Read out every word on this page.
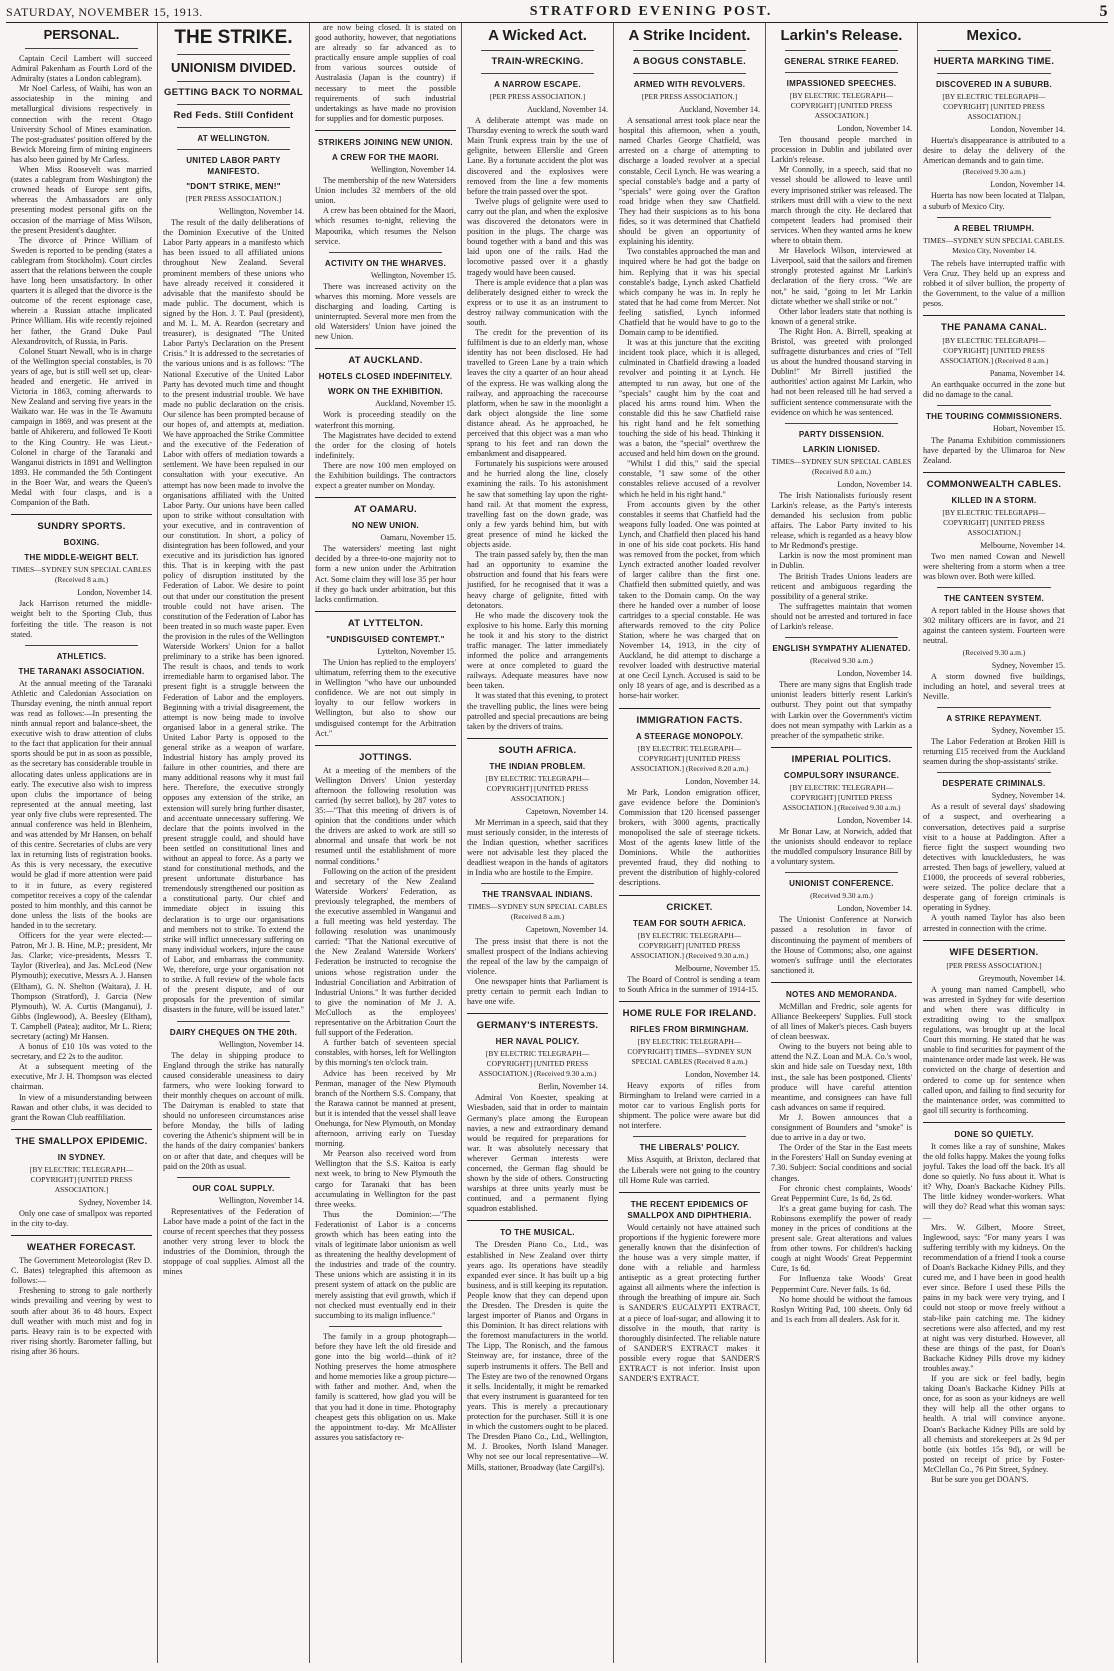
SATURDAY, NOVEMBER 15, 1913.	STRATFORD EVENING POST.	5
PERSONAL.

Captain Cecil Lambert will succeed Admiral Pakenham as Fourth Lord of the Admiralty (states a London cablegram).

Mr Noel Carless, of Waihi, has won an associateship in the mining and metallurgical divisions respectively in connection with the recent Otago University School of Mines examination. The post-graduates' position offered by the Bewick Moreing firm of mining engineers has also been gained by Mr Carless.

When Miss Roosevelt was married (states a cablegram from Washington) the crowned heads of Europe sent gifts, whereas the Ambassadors are only presenting modest personal gifts on the occasion of the marriage of Miss Wilson, the present President's daughter.

The divorce of Prince William of Sweden is reported to be pending (states a cablegram from Stockholm). Court circles assert that the relations between the couple have long been unsatisfactory. In other quarters it is alleged that the divorce is the outcome of the recent espionage case, wherein a Russian attache implicated Prince William. His wife recently rejoined her father, the Grand Duke Paul Alexandrovitch, of Russia, in Paris.

Colonel Stuart Newall, who is in charge of the Wellington special constables, is 70 years of age, but is still well set up, clear-headed and energetic. He arrived in Victoria in 1863, coming afterwards to New Zealand and serving five years in the Waikato war. He was in the Te Awamutu campaign in 1869, and was present at the battle of Ahikereru, and followed Te Kooti to the King Country. He was Lieut.-Colonel in charge of the Taranaki and Wanganui districts in 1891 and Wellington 1893. He commanded the 5th Contingent in the Boer War, and wears the Queen's Medal with four clasps, and is a Companion of the Bath.

SUNDRY SPORTS.
BOXING.
THE MIDDLE-WEIGHT BELT.
TIMES—SYDNEY SUN SPECIAL CABLES (Received 8 a.m.)
London, November 14.

Jack Harrison returned the middle-weight belt to the Sporting Club, thus forfeiting the title. The reason is not stated.

ATHLETICS.
THE TARANAKI ASSOCIATION.

At the annual meeting of the Taranaki Athletic and Caledonian Association on Thursday evening, the ninth annual report was read as follows:—In presenting the ninth annual report and balance-sheet, the executive wish to draw attention of clubs to the fact that application for their annual sports should be put in as soon as possible, as the secretary has considerable trouble in allocating dates unless applications are in early. The executive also wish to impress upon clubs the importance of being represented at the annual meeting, last year only five clubs were represented. The annual conference was held in Blenheim, and was attended by Mr Hansen, on behalf of this centre. Secretaries of clubs are very lax in returning lists of registration books. As this is very necessary, the executive would be glad if more attention were paid to it in future, as every registered competitor receives a copy of the calendar posted to him monthly, and this cannot be done unless the lists of the books are handed in to the secretary.

Officers for the year were elected:—Patron, Mr J. B. Hine, M.P.; president, Mr Jas. Clarke; vice-presidents, Messrs T. Taylor (Riverlea), and Jas. McLeod (New Plymouth); executive, Messrs A. J. Hansen (Eltham), G. N. Shelton (Waitara), J. H. Thompson (Stratford), J. Garcia (New Plymouth), W. A. Curtis (Manganui), J. Gibbs (Inglewood), A. Beesley (Eltham), T. Campbell (Patea); auditor, Mr L. Riera; secretary (acting) Mr Hansen.

A bonus of £10 10s was voted to the secretary, and £2 2s to the auditor.

At a subsequent meeting of the executive, Mr J. H. Thompson was elected chairman.

In view of a misunderstanding between Rawan and other clubs, it was decided to grant the Rowan Club reaffiliation.

THE SMALLPOX EPIDEMIC.
IN SYDNEY.
[BY ELECTRIC TELEGRAPH—COPYRIGHT] [UNITED PRESS ASSOCIATION.]
Sydney, November 14.

Only one case of smallpox was reported in the city to-day.

WEATHER FORECAST.

The Government Meteorologist (Rev D. C. Bates) telegraphed this afternoon as follows:—

Freshening to strong to gale northerly winds prevailing and veering by west to south after about 36 to 48 hours. Expect dull weather with much mist and fog in parts. Heavy rain is to be expected with river rising shortly. Barometer falling, but rising after 36 hours.

THE STRIKE.
UNIONISM DIVIDED.
GETTING BACK TO NORMAL
Red Feds. Still Confident
AT WELLINGTON.
UNITED LABOR PARTY MANIFESTO.
"DON'T STRIKE, MEN!"
[PER PRESS ASSOCIATION.]
Wellington, November 14.

The result of the daily deliberations of the Dominion Executive of the United Labor Party appears in a manifesto which has been issued to all affiliated unions throughout New Zealand. Several prominent members of these unions who have already received it considered it advisable that the manifesto should be made public. The document, which is signed by the Hon. J. T. Paul (president), and M. L. M. A. Reardon (secretary and treasurer), is designated "The United Labor Party's Declaration on the Present Crisis." It is addressed to the secretaries of the various unions and is as follows: "The National Executive of the United Labor Party has devoted much time and thought to the present industrial trouble. We have made no public declaration on the crisis. Our silence has been prompted because of our hopes of, and attempts at, mediation. We have approached the Strike Committee and the executive of the Federation of Labor with offers of mediation towards a settlement. We have been repulsed in our consultation with your executive. An attempt has now been made to involve the organisations affiliated with the United Labor Party. Our unions have been called upon to strike without consultation with your executive, and in contravention of our constitution. In short, a policy of disintegration has been followed, and your executive and its jurisdiction has ignored this. That is in keeping with the past policy of disruption instituted by the Federation of Labor. We desire to point out that under our constitution the present trouble could not have arisen. The constitution of the Federation of Labor has been treated in so much waste paper. Even the provision in the rules of the Wellington Waterside Workers' Union for a ballot preliminary to a strike has been ignored. The result is chaos, and tends to work irremediable harm to organised labor. The present fight is a struggle between the Federation of Labor and the employers. Beginning with a trivial disagreement, the attempt is now being made to involve organised labor in a general strike. The United Labor Party is opposed to the general strike as a weapon of warfare. Industrial history has amply proved its failure in other countries, and there are many additional reasons why it must fail here. Therefore, the executive strongly opposes any extension of the strike, an extension will surely bring further disaster, and accentuate unnecessary suffering. We declare that the points involved in the present struggle could, and should have been settled on constitutional lines and without an appeal to force. As a party we stand for constitutional methods, and the present unfortunate disturbance has tremendously strengthened our position as a constitutional party. Our chief and immediate object in issuing this declaration is to urge our organisations and members not to strike. To extend the strike will inflict unnecessary suffering on many individual workers, injure the cause of Labor, and embarrass the community. We, therefore, urge your organisation not to strike. A full review of the whole facts of the present dispute, and of our proposals for the prevention of similar disasters in the future, will be issued later."

DAIRY CHEQUES ON THE 20th.
Wellington, November 14.

The delay in shipping produce to England through the strike has naturally caused considerable uneasiness to dairy farmers, who were looking forward to their monthly cheques on account of milk. The Dairyman is enabled to state that should no unforeseen circumstances arise before Monday, the bills of lading covering the Athenic's shipment will be in the hands of the dairy companies' bankers on or after that date, and cheques will be paid on the 20th as usual.

OUR COAL SUPPLY.
Wellington, November 14.

Representatives of the Federation of Labor have made a point of the fact in the course of recent speeches that they possess another very strong lever to block the industries of the Dominion, through the stoppage of coal supplies. Almost all the mines

are now being closed. It is stated on good authority, however, that negotiations are already so far advanced as to practically ensure ample supplies of coal from various sources outside of Australasia (Japan is the country) if necessary to meet the possible requirements of such industrial undertakings as have made no provision for supplies and for domestic purposes.

STRIKERS JOINING NEW UNION.
A CREW FOR THE MAORI.
Wellington, November 14.

The membership of the new Watersiders Union includes 32 members of the old union.

A crew has been obtained for the Maori, which resumes to-night, relieving the Mapourika, which resumes the Nelson service.

ACTIVITY ON THE WHARVES.
Wellington, November 15.

There was increased activity on the wharves this morning. More vessels are discharging and loading. Carting is uninterrupted. Several more men from the old Watersiders' Union have joined the new Union.

AT AUCKLAND.
HOTELS CLOSED INDEFINITELY.
WORK ON THE EXHIBITION.
Auckland, November 15.

Work is proceeding steadily on the waterfront this morning.

The Magistrates have decided to extend the order for the closing of hotels indefinitely.

There are now 100 men employed on the Exhibition buildings. The contractors expect a greater number on Monday.

AT OAMARU.
NO NEW UNION.
Oamaru, November 15.

The watersiders' meeting last night decided by a three-to-one majority not to form a new union under the Arbitration Act. Some claim they will lose 35 per hour if they go back under arbitration, but this lacks confirmation.

AT LYTTELTON.
"UNDISGUISED CONTEMPT."
Lyttelton, November 15.

The Union has replied to the employers' ultimatum, referring them to the executive in Wellington "who have our unbounded confidence. We are not out simply in loyalty to our fellow workers in Wellington, but also to show our undisguised contempt for the Arbitration Act."

JOTTINGS.

At a meeting of the members of the Wellington Drivers' Union yesterday afternoon the following resolution was carried (by secret ballot), by 287 votes to 35:—"That this meeting of drivers is of opinion that the conditions under which the drivers are asked to work are still so abnormal and unsafe that work be not resumed until the establishment of more normal conditions."

Following on the action of the president and secretary of the New Zealand Waterside Workers' Federation, as previously telegraphed, the members of the executive assembled in Wanganui and a full meeting was held yesterday. The following resolution was unanimously carried: "That the National executive of the New Zealand Waterside Workers' Federation be instructed to recognise the unions whose registration under the Industrial Conciliation and Arbitration of Industrial Unions." It was further decided to give the nomination of Mr J. A. McCulloch as the employees' representative on the Arbitration Court the full support of the Federation.

A further batch of seventeen special constables, with horses, left for Wellington by this morning's ten o'clock train.

Advice has been received by Mr Penman, manager of the New Plymouth branch of the Northern S.S. Company, that the Rarawa cannot be manned at present, but it is intended that the vessel shall leave Onehunga, for New Plymouth, on Monday afternoon, arriving early on Tuesday morning.

Mr Pearson also received word from Wellington that the S.S. Kaitoa is early next week, to bring to New Plymouth the cargo for Taranaki that has been accumulating in Wellington for the past three weeks.

Thus the Dominion:—"The Federationist of Labor is a concerns growth which has been eating into the vitals of legitimate labor unionism as well as threatening the healthy development of the industries and trade of the country. These unions which are assisting it in its present system of attack on the public are merely assisting that evil growth, which if not checked must eventually end in their succumbing to its malign influence."

The family in a group photograph—before they have left the old fireside and gone into the big world—think of it? Nothing preserves the home atmosphere and home memories like a group picture—with father and mother. And, when the family is scattered, how glad you will be that you had it done in time. Photography cheapest gets this obligation on us. Make the appointment to-day. Mr McAllister assures you satisfactory re-

A Wicked Act.
TRAIN-WRECKING.
A NARROW ESCAPE.
[PER PRESS ASSOCIATION.]
Auckland, November 14.

A deliberate attempt was made on Thursday evening to wreck the south ward Main Trunk express train by the use of gelignite, between Ellerslie and Green Lane. By a fortunate accident the plot was discovered and the explosives were removed from the line a few moments before the train passed over the spot.

Twelve plugs of gelignite were used to carry out the plan, and when the explosive was discovered the detonators were in position in the plugs. The charge was bound together with a band and this was laid upon one of the rails. Had the locomotive passed over it a ghastly tragedy would have been caused.

There is ample evidence that a plan was deliberately designed either to wreck the express or to use it as an instrument to destroy railway communication with the south.

The credit for the prevention of its fulfilment is due to an elderly man, whose identity has not been disclosed. He had travelled to Green Lane by a train which leaves the city a quarter of an hour ahead of the express. He was walking along the railway, and approaching the racecourse platform, when he saw in the moonlight a dark object alongside the line some distance ahead. As he approached, he perceived that this object was a man who sprang to his feet and ran down the embankment and disappeared.

Fortunately his suspicions were aroused and he hurried along the line, closely examining the rails. To his astonishment he saw that something lay upon the right-hand rail. At that moment the express, travelling fast on the down grade, was only a few yards behind him, but with great presence of mind he kicked the objects aside.

The train passed safely by, then the man had an opportunity to examine the obstruction and found that his fears were justified, for he recognised that it was a heavy charge of gelignite, fitted with detonators.

He who made the discovery took the explosive to his home. Early this morning he took it and his story to the district traffic manager. The latter immediately informed the police and arrangements were at once completed to guard the railways. Adequate measures have now been taken.

It was stated that this evening, to protect the travelling public, the lines were being patrolled and special precautions are being taken by the drivers of trains.

SOUTH AFRICA.
THE INDIAN PROBLEM.
[BY ELECTRIC TELEGRAPH—COPYRIGHT] [UNITED PRESS ASSOCIATION.]
Capetown, November 14.

Mr Merriman in a speech, said that they must seriously consider, in the interests of the Indian question, whether sacrifices were not advisable lest they placed the deadliest weapon in the hands of agitators in India who are hostile to the Empire.

THE TRANSVAAL INDIANS.
TIMES—SYDNEY SUN SPECIAL CABLES (Received 8 a.m.)
Capetown, November 14.

The press insist that there is not the smallest prospect of the Indians achieving the repeal of the law by the campaign of violence.

One newspaper hints that Parliament is pretty certain to permit each Indian to have one wife.

GERMANY'S INTERESTS.
HER NAVAL POLICY.
[BY ELECTRIC TELEGRAPH—COPYRIGHT] [UNITED PRESS ASSOCIATION.] (Received 9.30 a.m.)
Berlin, November 14.

Admiral Von Koester, speaking at Wiesbaden, said that in order to maintain Germany's place among the European navies, a new and extraordinary demand would be required for preparations for war. It was absolutely necessary that wherever German interests were concerned, the German flag should be shown by the side of others. Constructing warships at three units yearly must be continued, and a permanent flying squadron established.

TO THE MUSICAL.

The Dresden Piano Co., Ltd., was established in New Zealand over thirty years ago. Its operations have steadily expanded ever since. It has built up a big business, and is still keeping its reputation. People know that they can depend upon the Dresden. The Dresden is quite the largest importer of Pianos and Organs in this Dominion. It has direct relations with the foremost manufacturers in the world. The Lipp, The Ronisch, and the famous Steinway are, for instance, three of the superb instruments it offers. The Bell and The Estey are two of the renowned Organs it sells. Incidentally, it might be remarked that every instrument is guaranteed for ten years. This is merely a precautionary protection for the purchaser. Still it is one in which the customers ought to be placed. The Dresden Piano Co., Ltd., Wellington, M. J. Brookes, North Island Manager. Why not see our local representative—W. Mills, stationer, Broadway (late Cargill's).

A Strike Incident.
A BOGUS CONSTABLE.
ARMED WITH REVOLVERS.
[PER PRESS ASSOCIATION.]
Auckland, November 14.

A sensational arrest took place near the hospital this afternoon, when a youth, named Charles George Chatfield, was arrested on a charge of attempting to discharge a loaded revolver at a special constable, Cecil Lynch. He was wearing a special constable's badge and a party of "specials" were going over the Grafton road bridge when they saw Chatfield. They had their suspicions as to his bona fides, so it was determined that Chatfield should be given an opportunity of explaining his identity.

Two constables approached the man and inquired where he had got the badge on him. Replying that it was his special constable's badge, Lynch asked Chatfield which company he was in. In reply he stated that he had come from Mercer. Not feeling satisfied, Lynch informed Chatfield that he would have to go to the Domain camp to be identified.

It was at this juncture that the exciting incident took place, which it is alleged, culminated in Chatfield drawing a loaded revolver and pointing it at Lynch. He attempted to run away, but one of the "specials" caught him by the coat and placed his arms round him. When the constable did this he saw Chatfield raise his right hand and he felt something touching the side of his head. Thinking it was a baton, the "special" overthrew the accused and held him down on the ground.

"Whilst I did this," said the special constable, "I saw some of the other constables relieve accused of a revolver which he held in his right hand."

From accounts given by the other constables it seems that Chatfield had the weapons fully loaded. One was pointed at Lynch, and Chatfield then placed his hand in one of his side coat pockets. His hand was removed from the pocket, from which Lynch extracted another loaded revolver of larger calibre than the first one. Chatfield then submitted quietly, and was taken to the Domain camp. On the way there he handed over a number of loose cartridges to a special constable. He was afterwards removed to the city Police Station, where he was charged that on November 14, 1913, in the city of Auckland, he did attempt to discharge a revolver loaded with destructive material at one Cecil Lynch. Accused is said to be only 18 years of age, and is described as a horse-hair worker.

IMMIGRATION FACTS.
A STEERAGE MONOPOLY.
[BY ELECTRIC TELEGRAPH—COPYRIGHT] [UNITED PRESS ASSOCIATION.] (Received 8.20 a.m.)
London, November 14.

Mr Park, London emigration officer, gave evidence before the Dominion's Commission that 120 licensed passenger brokers, with 3000 agents, practically monopolised the sale of steerage tickets. Most of the agents knew little of the Dominions. While the authorities prevented fraud, they did nothing to prevent the distribution of highly-colored descriptions.

CRICKET.
TEAM FOR SOUTH AFRICA.
[BY ELECTRIC TELEGRAPH—COPYRIGHT] [UNITED PRESS ASSOCIATION.] (Received 9.30 a.m.)
Melbourne, November 15.

The Board of Control is sending a team to South Africa in the summer of 1914-15.

HOME RULE FOR IRELAND.
RIFLES FROM BIRMINGHAM.
[BY ELECTRIC TELEGRAPH—COPYRIGHT] TIMES—SYDNEY SUN SPECIAL CABLES (Received 8 a.m.)
London, November 14.

Heavy exports of rifles from Birmingham to Ireland were carried in a motor car to various English ports for shipment. The police were aware but did not interfere.

THE LIBERALS' POLICY.

Miss Asquith, at Brixton, declared that the Liberals were not going to the country till Home Rule was carried.

THE RECENT EPIDEMICS OF SMALLPOX AND DIPHTHERIA.

Would certainly not have attained such proportions if the hygienic forewere more generally known that the disinfection of the house was a very simple matter, if done with a reliable and harmless antiseptic as a great protecting further against all ailments where the infection is through the breathing of impure air. Such is SANDER'S EUCALYPTI EXTRACT, at a piece of loaf-sugar, and allowing it to dissolve in the mouth, that rarity is thoroughly disinfected. The reliable nature of SANDER'S EXTRACT makes it possible every rogue that SANDER'S EXTRACT is not inferior. Insist upon SANDER'S EXTRACT.

Larkin's Release.
GENERAL STRIKE FEARED.
IMPASSIONED SPEECHES.
[BY ELECTRIC TELEGRAPH—COPYRIGHT] [UNITED PRESS ASSOCIATION.]
London, November 14.

Ten thousand people marched in procession in Dublin and jubilated over Larkin's release.

Mr Connolly, in a speech, said that no vessel should be allowed to leave until every imprisoned striker was released. The strikers must drill with a view to the next march through the city. He declared that competent leaders had promised their services. When they wanted arms he knew where to obtain them.

Mr Havelock Wilson, interviewed at Liverpool, said that the sailors and firemen strongly protested against Mr Larkin's declaration of the fiery cross. "We are not," he said, "going to let Mr Larkin dictate whether we shall strike or not."

Other labor leaders state that nothing is known of a general strike.

The Right Hon. A. Birrell, speaking at Bristol, was greeted with prolonged suffragette disturbances and cries of "Tell us about the hundred thousand starving in Dublin!" Mr Birrell justified the authorities' action against Mr Larkin, who had not been released till he had served a sufficient sentence commensurate with the evidence on which he was sentenced.

PARTY DISSENSION.
LARKIN LIONISED.
TIMES—SYDNEY SUN SPECIAL CABLES (Received 8.0 a.m.)
London, November 14.

The Irish Nationalists furiously resent Larkin's release, as the Party's interests demanded his seclusion from public affairs. The Labor Party invited to his release, which is regarded as a heavy blow to Mr Redmond's prestige.

Larkin is now the most prominent man in Dublin.

The British Trades Unions leaders are reticent and ambiguous regarding the possibility of a general strike.

The suffragettes maintain that women should not be arrested and tortured in face of Larkin's release.

ENGLISH SYMPATHY ALIENATED.
(Received 9.30 a.m.)
London, November 14.

There are many signs that English trade unionist leaders bitterly resent Larkin's outburst. They point out that sympathy with Larkin over the Government's victim does not mean sympathy with Larkin as a preacher of the sympathetic strike.

IMPERIAL POLITICS.
COMPULSORY INSURANCE.
[BY ELECTRIC TELEGRAPH—COPYRIGHT] [UNITED PRESS ASSOCIATION.] (Received 9.30 a.m.)
London, November 14.

Mr Bonar Law, at Norwich, added that the unionists should endeavor to replace the muddled compulsory Insurance Bill by a voluntary system.

UNIONIST CONFERENCE.
(Received 9.30 a.m.)
London, November 14.

The Unionist Conference at Norwich passed a resolution in favor of discontinuing the payment of members of the House of Commons; also, one against women's suffrage until the electorates sanctioned it.

NOTES AND MEMORANDA.

McMillan and Fredric, sole agents for Alliance Beekeepers' Supplies. Full stock of all lines of Maker's pieces. Cash buyers of clean beeswax.

Owing to the buyers not being able to attend the N.Z. Loan and M.A. Co.'s wool, skin and hide sale on Tuesday next, 18th inst., the sale has been postponed. Clients' produce will have careful attention meantime, and consignees can have full cash advances on same if required.

Mr J. Bowen announces that a consignment of Bounders and "smoke" is due to arrive in a day or two.

The Order of the Star in the East meets in the Foresters' Hall on Sunday evening at 7.30. Subject: Social conditions and social changes.

For chronic chest complaints, Woods' Great Peppermint Cure, 1s 6d, 2s 6d.

It's a great game buying for cash. The Robinsons exemplify the power of ready money in the prices of conditions at the present sale. Great alterations and values from other towns. For children's hacking cough at night Woods' Great Peppermint Cure, 1s 6d.

For Influenza take Woods' Great Peppermint Cure. Never fails. 1s 6d.

No home should be without the famous Roslyn Writing Pad, 100 sheets. Only 6d and 1s each from all dealers. Ask for it.

Mexico.
HUERTA MARKING TIME.
DISCOVERED IN A SUBURB.
[BY ELECTRIC TELEGRAPH—COPYRIGHT] [UNITED PRESS ASSOCIATION.]
London, November 14.

Huerta's disappearance is attributed to a desire to delay the delivery of the American demands and to gain time.

(Received 9.30 a.m.)
London, November 14.

Huerta has now been located at Tlalpan, a suburb of Mexico City.

A REBEL TRIUMPH.
TIMES—SYDNEY SUN SPECIAL CABLES. Mexico City, November 14.

The rebels have interrupted traffic with Vera Cruz. They held up an express and robbed it of silver bullion, the property of the Government, to the value of a million pesos.

THE PANAMA CANAL.
[BY ELECTRIC TELEGRAPH—COPYRIGHT] [UNITED PRESS ASSOCIATION.] (Received 8 a.m.)
Panama, November 14.

An earthquake occurred in the zone but did no damage to the canal.

THE TOURING COMMISSIONERS.
Hobart, November 15.

The Panama Exhibition commissioners have departed by the Ulimaroa for New Zealand.

COMMONWEALTH CABLES.
KILLED IN A STORM.
[BY ELECTRIC TELEGRAPH—COPYRIGHT] [UNITED PRESS ASSOCIATION.]
Melbourne, November 14.

Two men named Cowan and Newell were sheltering from a storm when a tree was blown over. Both were killed.

THE CANTEEN SYSTEM.

A report tabled in the House shows that 302 military officers are in favor, and 21 against the canteen system. Fourteen were neutral.

(Received 9.30 a.m.)
Sydney, November 15.

A storm downed five buildings, including an hotel, and several trees at Neville.

A STRIKE REPAYMENT.
Sydney, November 15.

The Labor Federation at Broken Hill is returning £15 received from the Auckland seamen during the shop-assistants' strike.

DESPERATE CRIMINALS.
Sydney, November 14.

As a result of several days' shadowing of a suspect, and overhearing a conversation, detectives paid a surprise visit to a house at Paddington. After a fierce fight the suspect wounding two detectives with knuckledusters, he was arrested. Then bags of jewellery, valued at £1000, the proceeds of several robberies, were seized. The police declare that a desperate gang of foreign criminals is operating in Sydney.

A youth named Taylor has also been arrested in connection with the crime.

WIFE DESERTION.
[PER PRESS ASSOCIATION.]
Greymouth, November 14.

A young man named Campbell, who was arrested in Sydney for wife desertion and when there was difficulty in extraditing owing to the smallpox regulations, was brought up at the local Court this morning. He stated that he was unable to find securities for payment of the maintenance order made last week. He was convicted on the charge of desertion and ordered to come up for sentence when called upon, and failing to find security for the maintenance order, was committed to gaol till security is forthcoming.

DONE SO QUIETLY.

It comes like a ray of sunshine, Makes the old folks happy. Makes the young folks joyful. Takes the load off the back. It's all done so quietly. No fuss about it. What is it? Why, Doan's Backache Kidney Pills. The little kidney wonder-workers. What will they do? Read what this woman says:—

Mrs. W. Gilbert, Moore Street, Inglewood, says: "For many years I was suffering terribly with my kidneys. On the recommendation of a friend I took a course of Doan's Backache Kidney Pills, and they cured me, and I have been in good health ever since. Before I used these Pills the pains in my back were very trying, and I could not stoop or move freely without a stab-like pain catching me. The kidney secretions were also affected, and my rest at night was very disturbed. However, all these are things of the past, for Doan's Backache Kidney Pills drove my kidney troubles away."

If you are sick or feel badly, begin taking Doan's Backache Kidney Pills at once, for as soon as your kidneys are well they will help all the other organs to health. A trial will convince anyone. Doan's Backache Kidney Pills are sold by all chemists and storekeepers at 2s 9d per bottle (six bottles 15s 9d), or will be posted on receipt of price by Foster-McClellan Co., 76 Pitt Street, Sydney.

But be sure you get DOAN'S.
